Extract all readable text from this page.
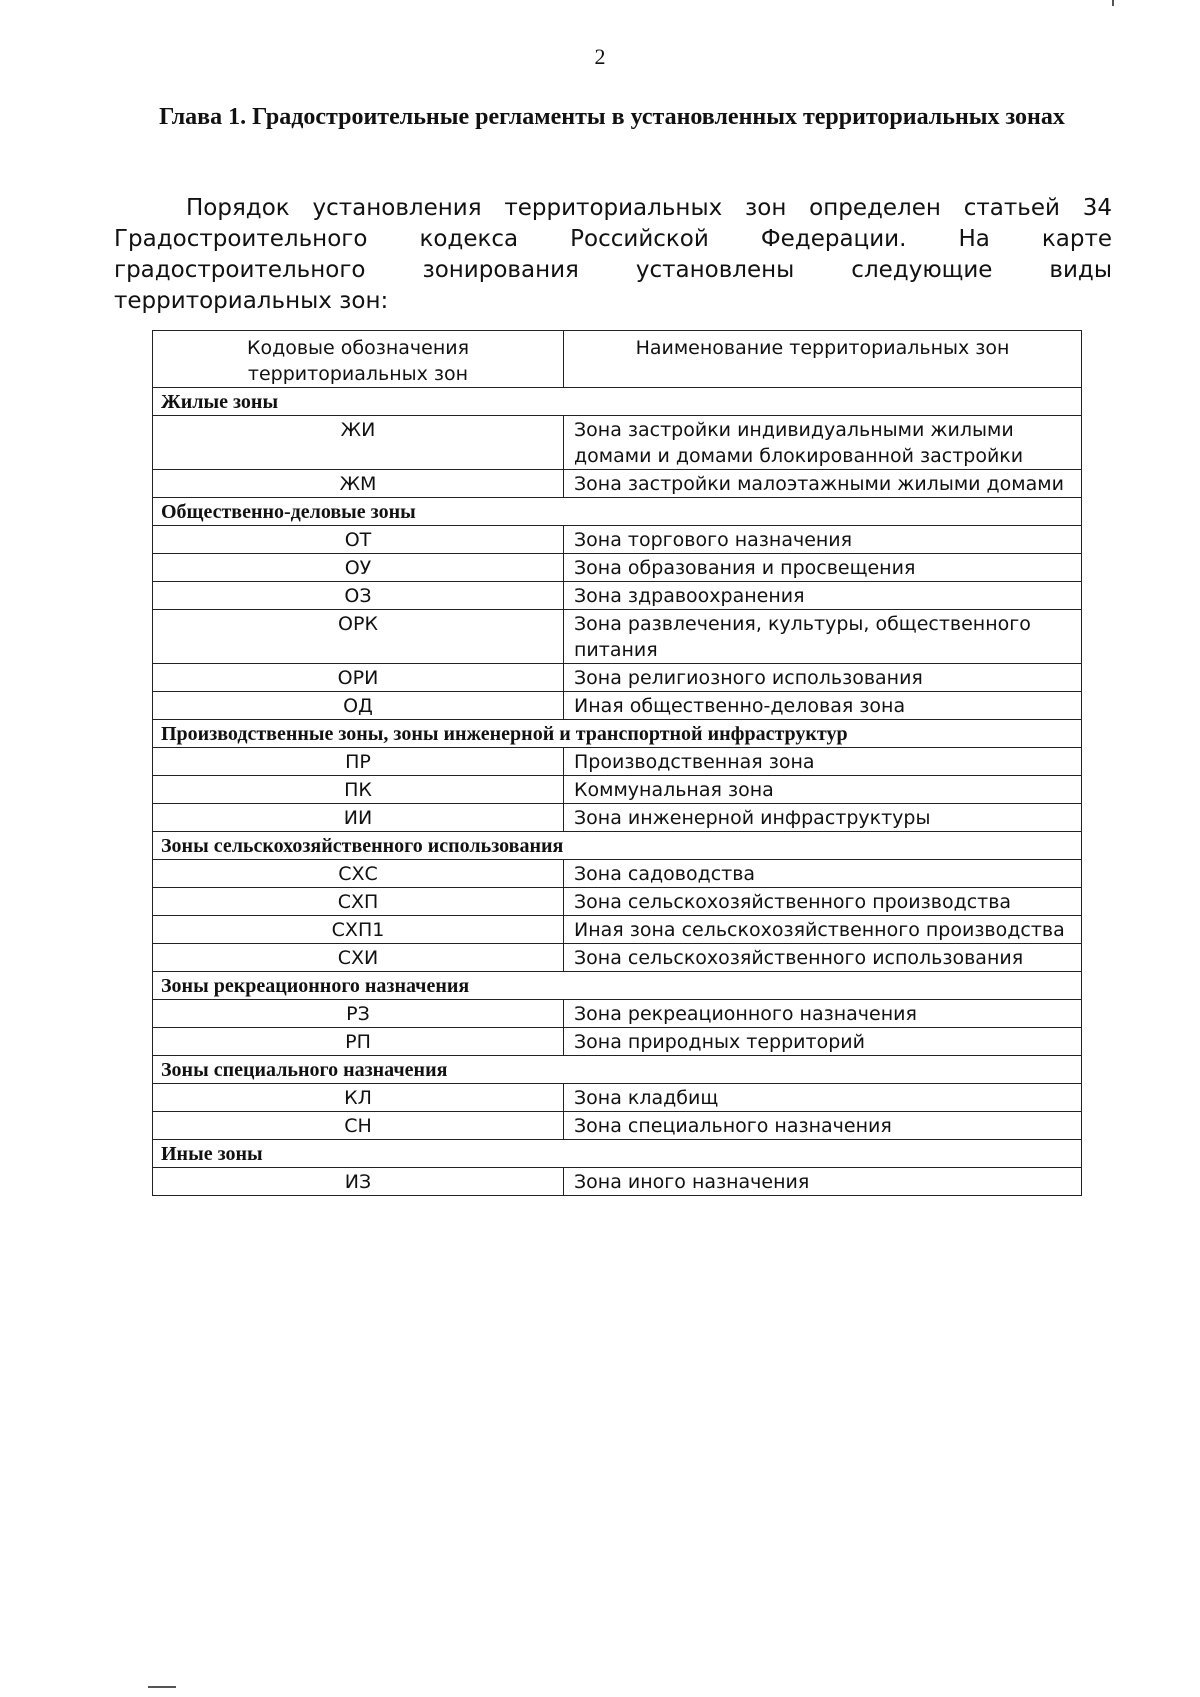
2
Глава 1. Градостроительные регламенты в установленных территориальных зонах

Порядок установления территориальных зон определен статьей 34 Градостроительного кодекса Российской Федерации. На карте градостроительного зонирования установлены следующие виды территориальных зон:

Кодовые обозначения территориальных зон	Наименование территориальных зон
Жилые зоны	
ЖИ	Зона застройки индивидуальными жилыми домами и домами блокированной застройки
ЖМ	Зона застройки малоэтажными жилыми домами
Общественно-деловые зоны	
ОТ	Зона торгового назначения
ОУ	Зона образования и просвещения
ОЗ	Зона здравоохранения
ОРК	Зона развлечения, культуры, общественного питания
ОРИ	Зона религиозного использования
ОД	Иная общественно-деловая зона
Производственные зоны, зоны инженерной и транспортной инфраструктур	
ПР	Производственная зона
ПК	Коммунальная зона
ИИ	Зона инженерной инфраструктуры
Зоны сельскохозяйственного использования	
СХС	Зона садоводства
СХП	Зона сельскохозяйственного производства
СХП1	Иная зона сельскохозяйственного производства
СХИ	Зона сельскохозяйственного использования
Зоны рекреационного назначения	
РЗ	Зона рекреационного назначения
РП	Зона природных территорий
Зоны специального назначения	
КЛ	Зона кладбищ
СН	Зона специального назначения
Иные зоны	
ИЗ	Зона иного назначения
